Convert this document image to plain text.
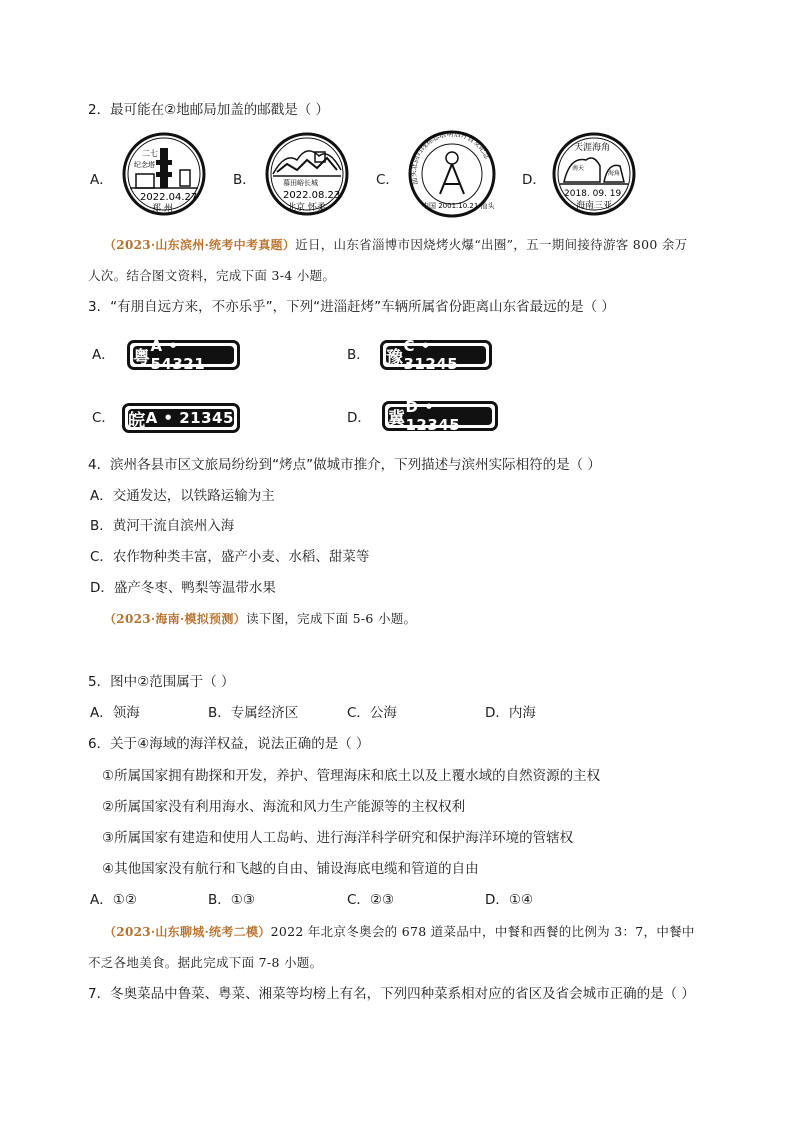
2．最可能在②地邮局加盖的邮戳是（ ）
A．
二七
纪念塔
2022.04.27
郑 州
B．	慕田峪长城
2022.08.23
北京 怀柔
C． 汕头北回归线标志塔明信片首发纪念
中国 2001.10.21 汕头
D．
天涯海角
南天
海角
2018. 09. 19
海南三亚
（2023·山东滨州·统考中考真题）近日，山东省淄博市因烧烤火爆“出圈”，五一期间接待游客 800 余万
人次。结合图文资料，完成下面 3-4 小题。
3．“有朋自远方来，不亦乐乎”，下列“进淄赶烤”车辆所属省份距离山东省最远的是（ ）
A． 粤
A • 54321	B． 豫
C • 31245
C． 皖 A • 21345	D． 冀
D • 12345
4．滨州各县市区文旅局纷纷到“烤点”做城市推介，下列描述与滨州实际相符的是（ ）
A．交通发达，以铁路运输为主
B．黄河干流自滨州入海
C．农作物种类丰富，盛产小麦、水稻、甜菜等
D．盛产冬枣、鸭梨等温带水果
（2023·海南·模拟预测）读下图，完成下面 5-6 小题。
5．图中②范围属于（ ）
A．领海	B．专属经济区	C．公海	D．内海
6．关于④海域的海洋权益，说法正确的是（ ）
①所属国家拥有勘探和开发，养护、管理海床和底土以及上覆水域的自然资源的主权
②所属国家没有利用海水、海流和风力生产能源等的主权权利
③所属国家有建造和使用人工岛屿、进行海洋科学研究和保护海洋环境的管辖权
④其他国家没有航行和飞越的自由、铺设海底电缆和管道的自由
A．①②	B．①③	C．②③	D．①④
（2023·山东聊城·统考二模）2022 年北京冬奥会的 678 道菜品中，中餐和西餐的比例为 3：7，中餐中
不乏各地美食。据此完成下面 7-8 小题。
7．冬奥菜品中鲁菜、粤菜、湘菜等均榜上有名，下列四种菜系相对应的省区及省会城市正确的是（ ）
